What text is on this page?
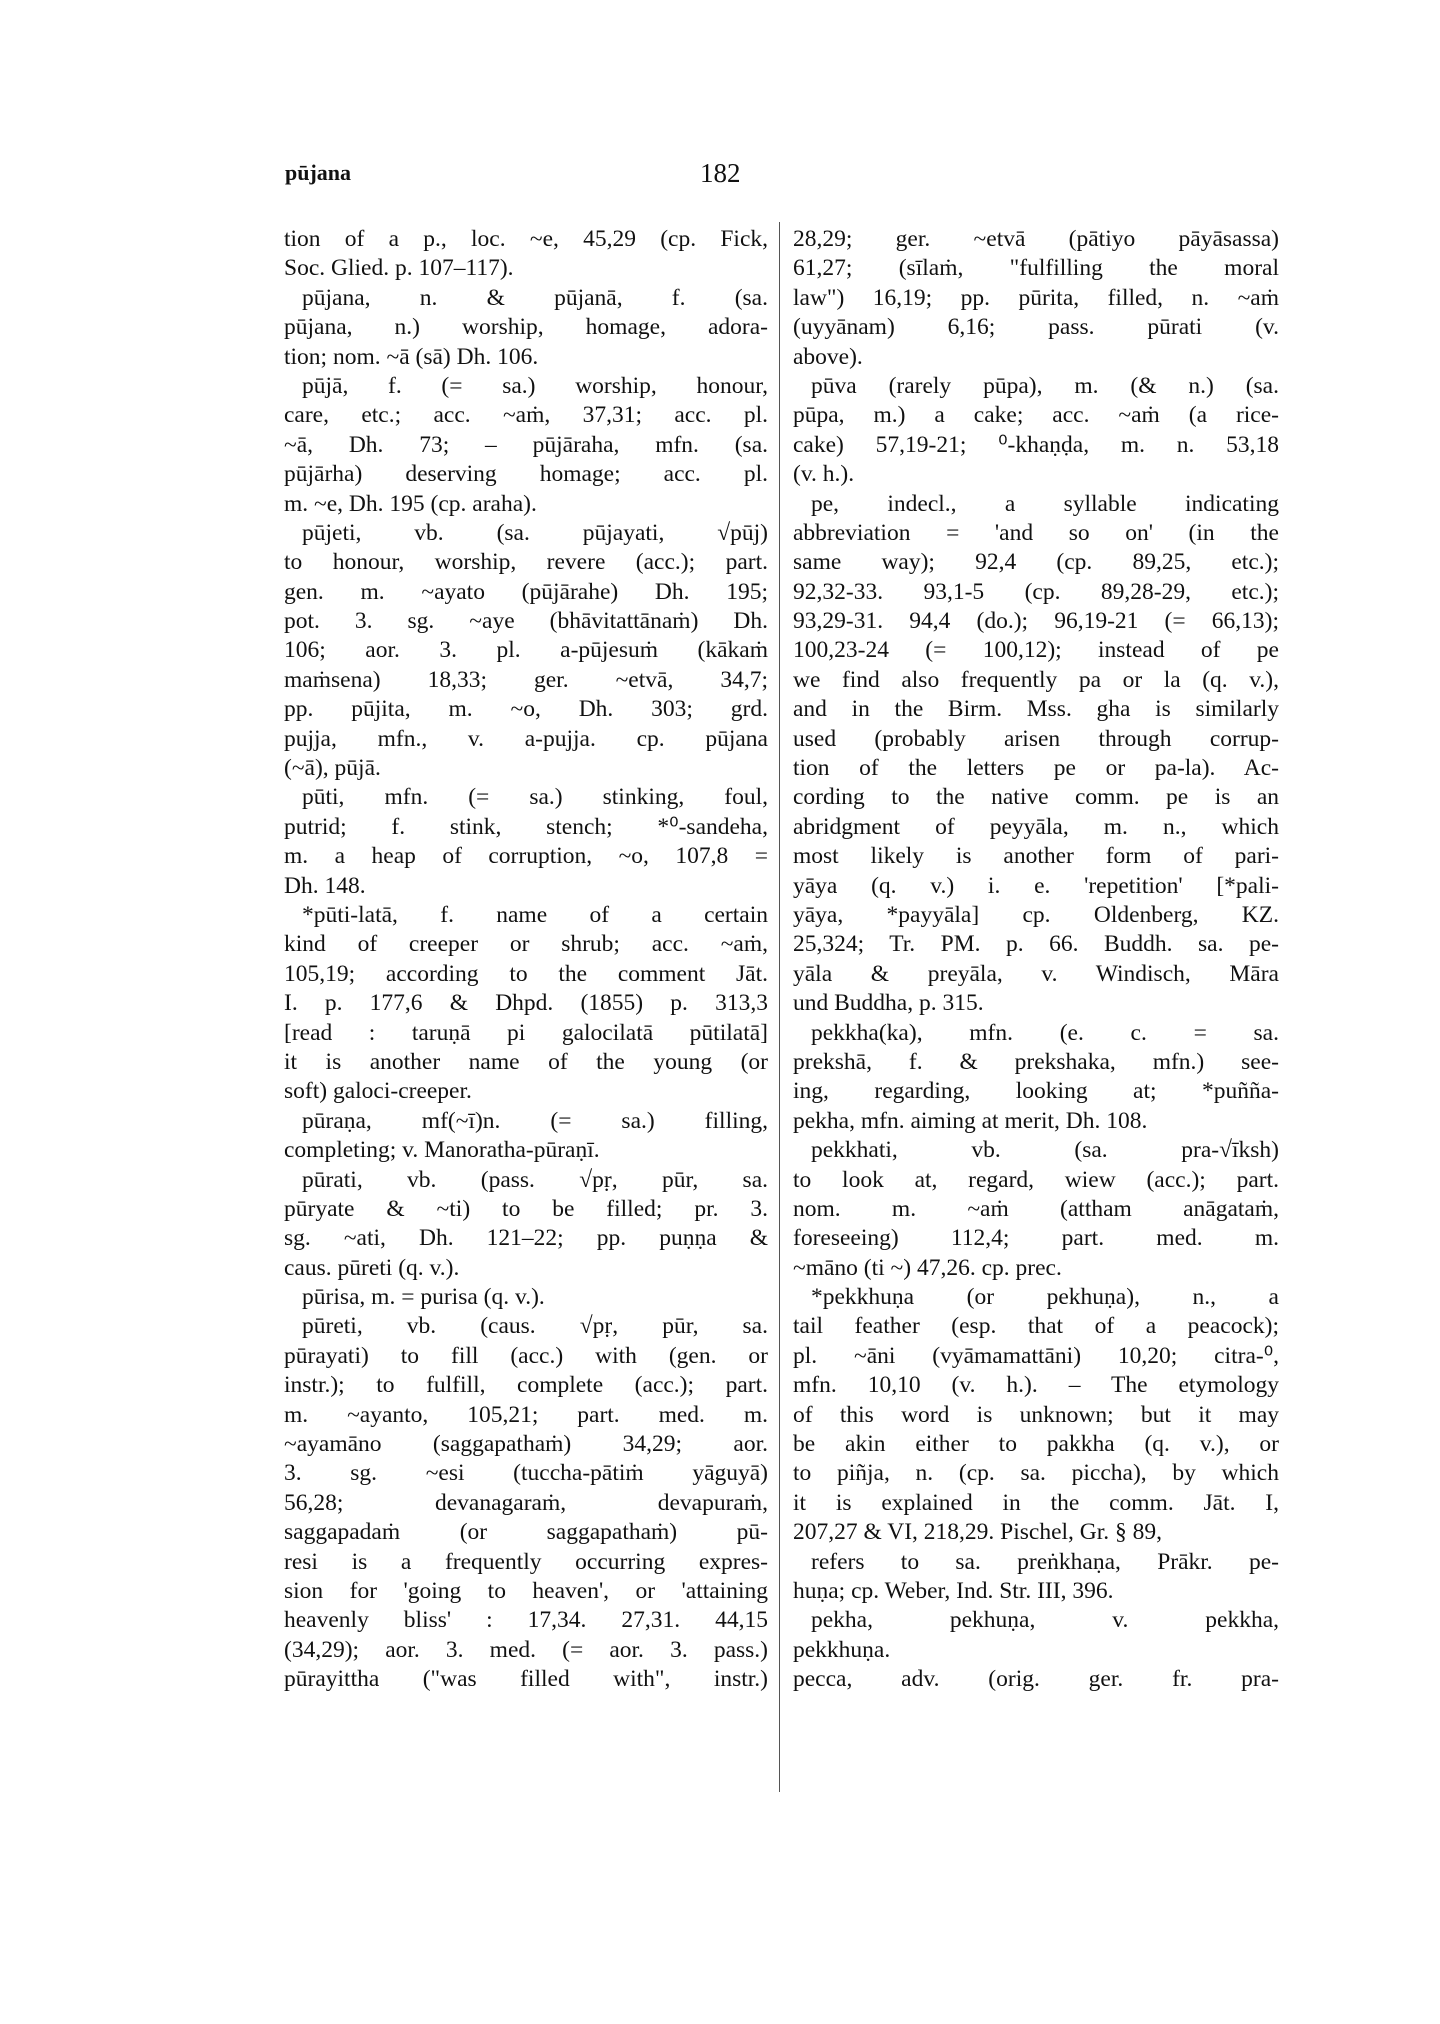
pūjana	182
tion of a p., loc. ~e, 45,29 (cp. Fick,
Soc. Glied. p. 107–117).
pūjana, n. & pūjanā, f. (sa.
pūjana, n.) worship, homage, adora-
tion; nom. ~ā (sā) Dh. 106.
pūjā, f. (= sa.) worship, honour,
care, etc.; acc. ~aṁ, 37,31; acc. pl.
~ā, Dh. 73; – pūjāraha, mfn. (sa.
pūjārha) deserving homage; acc. pl.
m. ~e, Dh. 195 (cp. araha).
pūjeti, vb. (sa. pūjayati, √pūj)
to honour, worship, revere (acc.); part.
gen. m. ~ayato (pūjārahe) Dh. 195;
pot. 3. sg. ~aye (bhāvitattānaṁ) Dh.
106; aor. 3. pl. a-pūjesuṁ (kākaṁ
maṁsena) 18,33; ger. ~etvā, 34,7;
pp. pūjita, m. ~o, Dh. 303; grd.
pujja, mfn., v. a-pujja. cp. pūjana
(~ā), pūjā.
pūti, mfn. (= sa.) stinking, foul,
putrid; f. stink, stench; *⁰-sandeha,
m. a heap of corruption, ~o, 107,8 =
Dh. 148.
*pūti-latā, f. name of a certain
kind of creeper or shrub; acc. ~aṁ,
105,19; according to the comment Jāt.
I. p. 177,6 & Dhpd. (1855) p. 313,3
[read : taruṇā pi galocilatā pūtilatā]
it is another name of the young (or
soft) galoci-creeper.
pūraṇa, mf(~ī)n. (= sa.) filling,
completing; v. Manoratha-pūraṇī.
pūrati, vb. (pass. √pṛ, pūr, sa.
pūryate & ~ti) to be filled; pr. 3.
sg. ~ati, Dh. 121–22; pp. puṇṇa &
caus. pūreti (q. v.).
pūrisa, m. = purisa (q. v.).
pūreti, vb. (caus. √pṛ, pūr, sa.
pūrayati) to fill (acc.) with (gen. or
instr.); to fulfill, complete (acc.); part.
m. ~ayanto, 105,21; part. med. m.
~ayamāno (saggapathaṁ) 34,29; aor.
3. sg. ~esi (tuccha-pātiṁ yāguyā)
56,28; devanagaraṁ, devapuraṁ,
saggapadaṁ (or saggapathaṁ) pū-
resi is a frequently occurring expres-
sion for 'going to heaven', or 'attaining
heavenly bliss' : 17,34. 27,31. 44,15
(34,29); aor. 3. med. (= aor. 3. pass.)
pūrayittha ("was filled with", instr.)
28,29; ger. ~etvā (pātiyo pāyāsassa)
61,27; (sīlaṁ, "fulfilling the moral
law") 16,19; pp. pūrita, filled, n. ~aṁ
(uyyānam) 6,16; pass. pūrati (v.
above).
pūva (rarely pūpa), m. (& n.) (sa.
pūpa, m.) a cake; acc. ~aṁ (a rice-
cake) 57,19-21; ⁰-khaṇḍa, m. n. 53,18
(v. h.).
pe, indecl., a syllable indicating
abbreviation = 'and so on' (in the
same way); 92,4 (cp. 89,25, etc.);
92,32-33. 93,1-5 (cp. 89,28-29, etc.);
93,29-31. 94,4 (do.); 96,19-21 (= 66,13);
100,23-24 (= 100,12); instead of pe
we find also frequently pa or la (q. v.),
and in the Birm. Mss. gha is similarly
used (probably arisen through corrup-
tion of the letters pe or pa-la). Ac-
cording to the native comm. pe is an
abridgment of peyyāla, m. n., which
most likely is another form of pari-
yāya (q. v.) i. e. 'repetition' [*pali-
yāya, *payyāla] cp. Oldenberg, KZ.
25,324; Tr. PM. p. 66. Buddh. sa. pe-
yāla & preyāla, v. Windisch, Māra
und Buddha, p. 315.
pekkha(ka), mfn. (e. c. = sa.
prekshā, f. & prekshaka, mfn.) see-
ing, regarding, looking at; *puñña-
pekha, mfn. aiming at merit, Dh. 108.
pekkhati, vb. (sa. pra-√īksh)
to look at, regard, wiew (acc.); part.
nom. m. ~aṁ (attham anāgataṁ,
foreseeing) 112,4; part. med. m.
~māno (ti ~) 47,26. cp. prec.
*pekkhuṇa (or pekhuṇa), n., a
tail feather (esp. that of a peacock);
pl. ~āni (vyāmamattāni) 10,20; citra-⁰,
mfn. 10,10 (v. h.). – The etymology
of this word is unknown; but it may
be akin either to pakkha (q. v.), or
to piñja, n. (cp. sa. piccha), by which
it is explained in the comm. Jāt. I,
207,27 & VI, 218,29. Pischel, Gr. § 89,
refers to sa. preṅkhaṇa, Prākr. pe-
huṇa; cp. Weber, Ind. Str. III, 396.
pekha, pekhuṇa, v. pekkha,
pekkhuṇa.
pecca, adv. (orig. ger. fr. pra-
